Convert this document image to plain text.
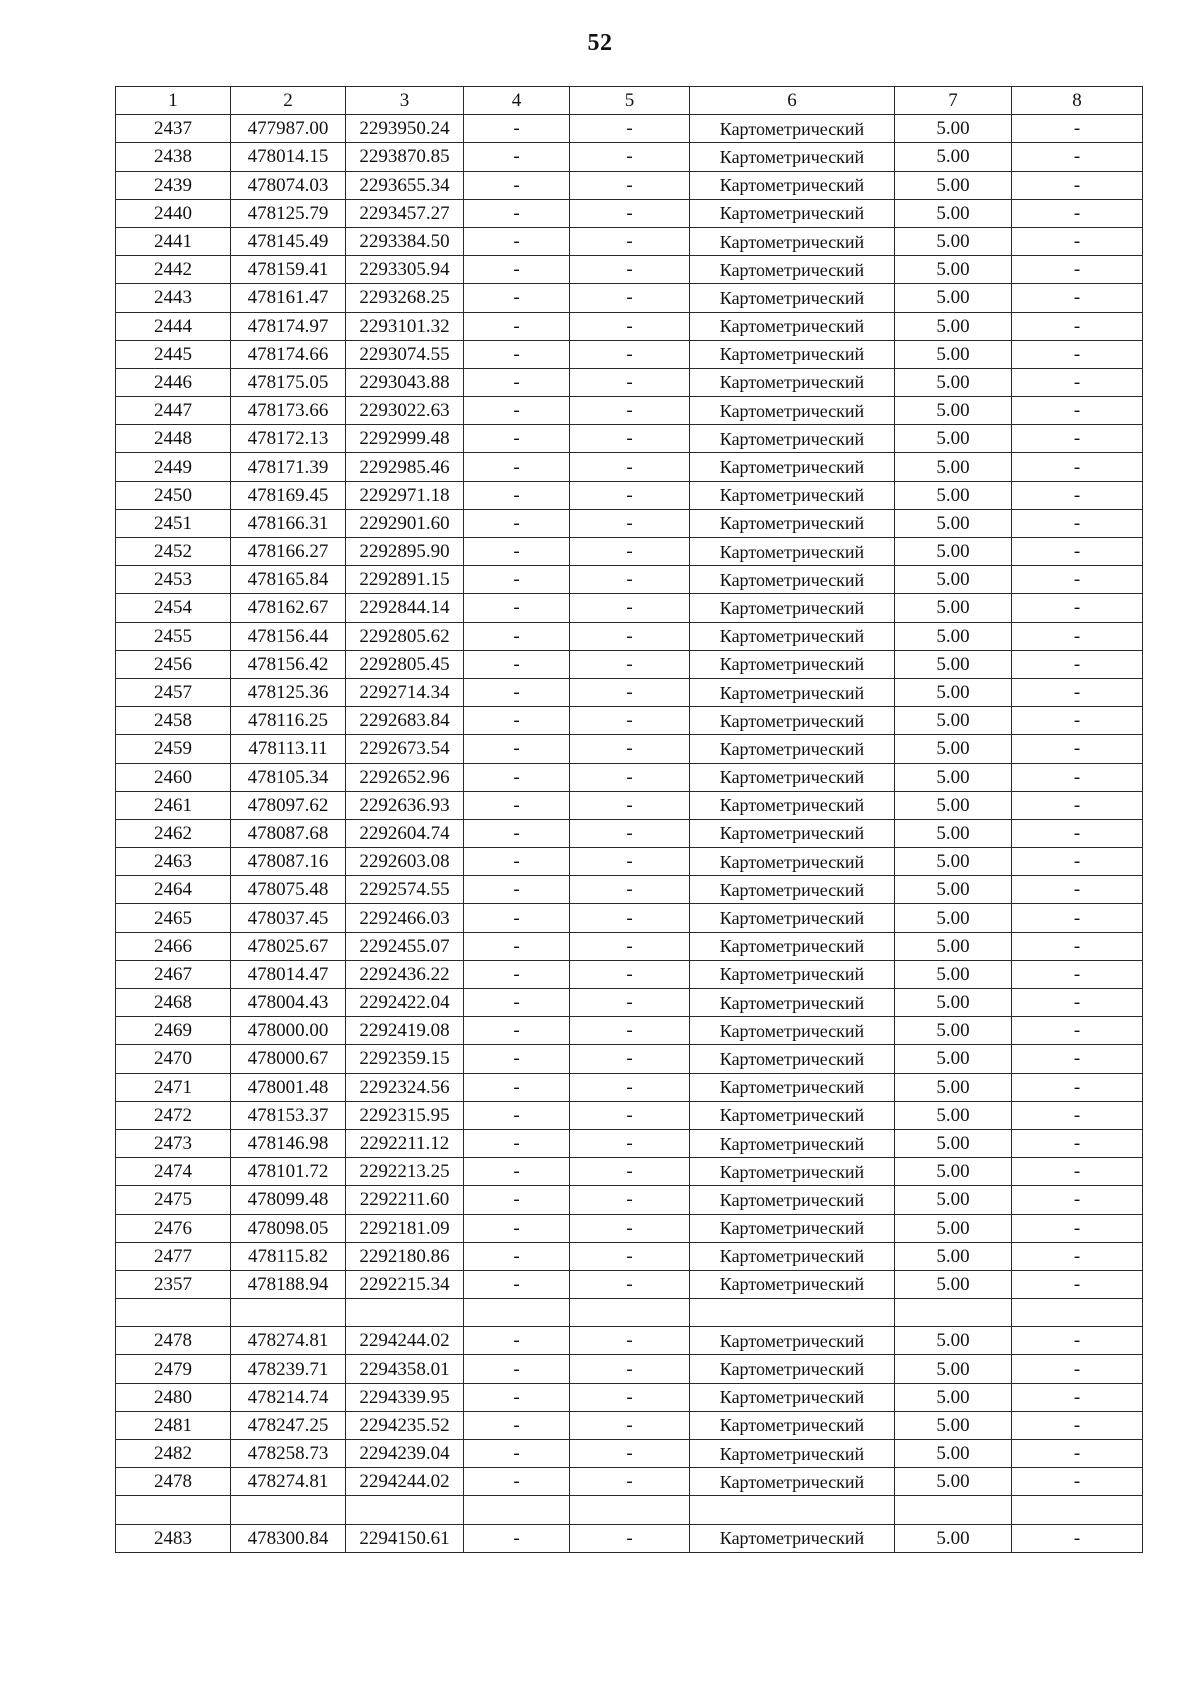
52
1	2	3	4	5	6	7	8
2437	477987.00	2293950.24	-	-	Картометрический	5.00	-
2438	478014.15	2293870.85	-	-	Картометрический	5.00	-
2439	478074.03	2293655.34	-	-	Картометрический	5.00	-
2440	478125.79	2293457.27	-	-	Картометрический	5.00	-
2441	478145.49	2293384.50	-	-	Картометрический	5.00	-
2442	478159.41	2293305.94	-	-	Картометрический	5.00	-
2443	478161.47	2293268.25	-	-	Картометрический	5.00	-
2444	478174.97	2293101.32	-	-	Картометрический	5.00	-
2445	478174.66	2293074.55	-	-	Картометрический	5.00	-
2446	478175.05	2293043.88	-	-	Картометрический	5.00	-
2447	478173.66	2293022.63	-	-	Картометрический	5.00	-
2448	478172.13	2292999.48	-	-	Картометрический	5.00	-
2449	478171.39	2292985.46	-	-	Картометрический	5.00	-
2450	478169.45	2292971.18	-	-	Картометрический	5.00	-
2451	478166.31	2292901.60	-	-	Картометрический	5.00	-
2452	478166.27	2292895.90	-	-	Картометрический	5.00	-
2453	478165.84	2292891.15	-	-	Картометрический	5.00	-
2454	478162.67	2292844.14	-	-	Картометрический	5.00	-
2455	478156.44	2292805.62	-	-	Картометрический	5.00	-
2456	478156.42	2292805.45	-	-	Картометрический	5.00	-
2457	478125.36	2292714.34	-	-	Картометрический	5.00	-
2458	478116.25	2292683.84	-	-	Картометрический	5.00	-
2459	478113.11	2292673.54	-	-	Картометрический	5.00	-
2460	478105.34	2292652.96	-	-	Картометрический	5.00	-
2461	478097.62	2292636.93	-	-	Картометрический	5.00	-
2462	478087.68	2292604.74	-	-	Картометрический	5.00	-
2463	478087.16	2292603.08	-	-	Картометрический	5.00	-
2464	478075.48	2292574.55	-	-	Картометрический	5.00	-
2465	478037.45	2292466.03	-	-	Картометрический	5.00	-
2466	478025.67	2292455.07	-	-	Картометрический	5.00	-
2467	478014.47	2292436.22	-	-	Картометрический	5.00	-
2468	478004.43	2292422.04	-	-	Картометрический	5.00	-
2469	478000.00	2292419.08	-	-	Картометрический	5.00	-
2470	478000.67	2292359.15	-	-	Картометрический	5.00	-
2471	478001.48	2292324.56	-	-	Картометрический	5.00	-
2472	478153.37	2292315.95	-	-	Картометрический	5.00	-
2473	478146.98	2292211.12	-	-	Картометрический	5.00	-
2474	478101.72	2292213.25	-	-	Картометрический	5.00	-
2475	478099.48	2292211.60	-	-	Картометрический	5.00	-
2476	478098.05	2292181.09	-	-	Картометрический	5.00	-
2477	478115.82	2292180.86	-	-	Картометрический	5.00	-
2357	478188.94	2292215.34	-	-	Картометрический	5.00	-

2478	478274.81	2294244.02	-	-	Картометрический	5.00	-
2479	478239.71	2294358.01	-	-	Картометрический	5.00	-
2480	478214.74	2294339.95	-	-	Картометрический	5.00	-
2481	478247.25	2294235.52	-	-	Картометрический	5.00	-
2482	478258.73	2294239.04	-	-	Картометрический	5.00	-
2478	478274.81	2294244.02	-	-	Картометрический	5.00	-

2483	478300.84	2294150.61	-	-	Картометрический	5.00	-
